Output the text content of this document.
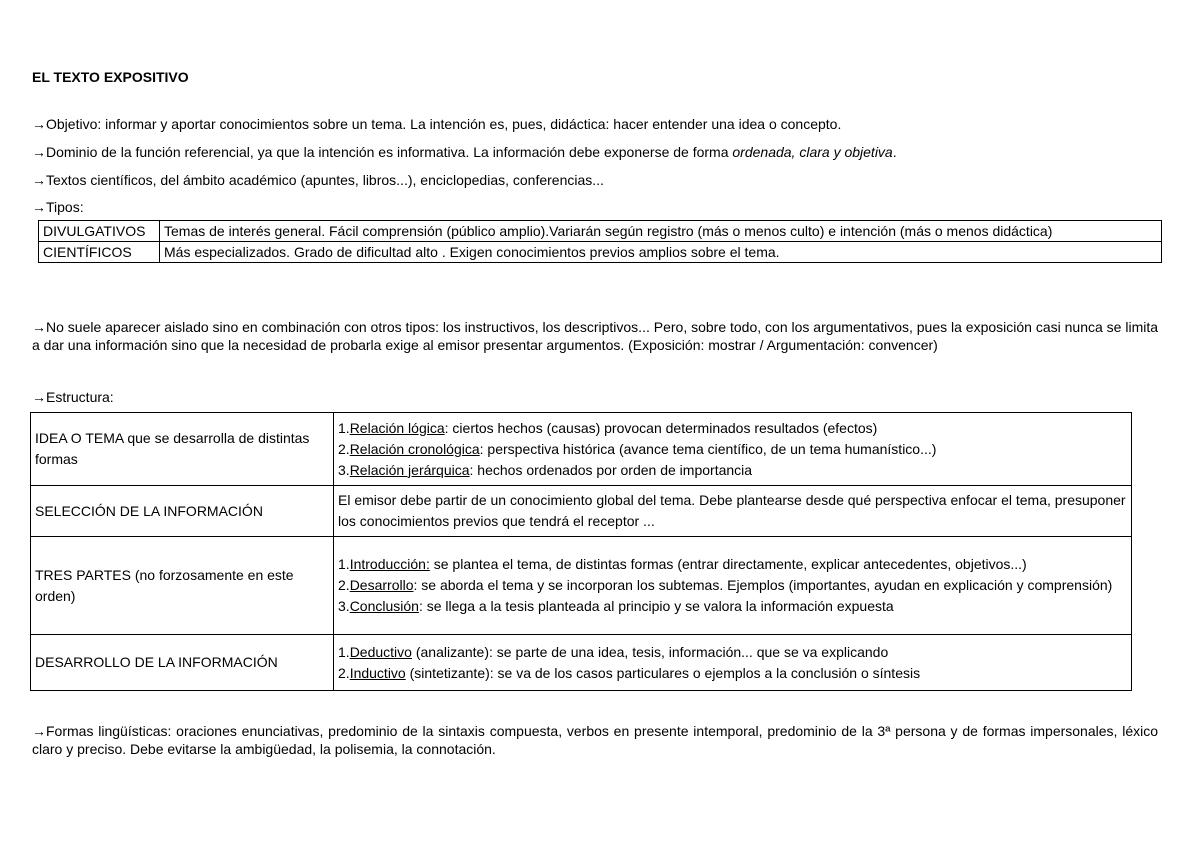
EL TEXTO EXPOSITIVO
→Objetivo: informar y aportar conocimientos sobre un tema. La intención es, pues, didáctica: hacer entender una idea o concepto.
→Dominio de la función referencial, ya que la intención es informativa. La información debe exponerse de forma ordenada, clara y objetiva.
→Textos científicos, del ámbito académico (apuntes, libros...), enciclopedias, conferencias...
→Tipos:
DIVULGATIVOS	Temas de interés general. Fácil comprensión (público amplio).Variarán según registro (más o menos culto) e intención (más o menos didáctica)
CIENTÍFICOS	Más especializados. Grado de dificultad alto . Exigen conocimientos previos amplios sobre el tema.
→No suele aparecer aislado sino en combinación con otros tipos: los instructivos, los descriptivos... Pero, sobre todo, con los argumentativos, pues la exposición casi nunca se limita a dar una información sino que la necesidad de probarla exige al emisor presentar argumentos. (Exposición: mostrar / Argumentación: convencer)
→Estructura:
IDEA O TEMA que se desarrolla de distintas formas	1.Relación lógica: ciertos hechos (causas) provocan determinados resultados (efectos)
2.Relación cronológica: perspectiva histórica (avance tema científico, de un tema humanístico...)
3.Relación jerárquica: hechos ordenados por orden de importancia

SELECCIÓN DE LA INFORMACIÓN	El emisor debe partir de un conocimiento global del tema. Debe plantearse desde qué perspectiva enfocar el tema, presuponer los conocimientos previos que tendrá el receptor ...
TRES PARTES (no forzosamente en este orden)	1.Introducción: se plantea el tema, de distintas formas (entrar directamente, explicar antecedentes, objetivos...)
2.Desarrollo: se aborda el tema y se incorporan los subtemas. Ejemplos (importantes, ayudan en explicación y comprensión)
3.Conclusión: se llega a la tesis planteada al principio y se valora la información expuesta

DESARROLLO DE LA INFORMACIÓN	1.Deductivo (analizante): se parte de una idea, tesis, información... que se va explicando
2.Inductivo (sintetizante): se va de los casos particulares o ejemplos a la conclusión o síntesis
→Formas lingüísticas: oraciones enunciativas, predominio de la sintaxis compuesta, verbos en presente intemporal, predominio de la 3ª persona y de formas impersonales, léxico claro y preciso. Debe evitarse la ambigüedad, la polisemia, la connotación.
